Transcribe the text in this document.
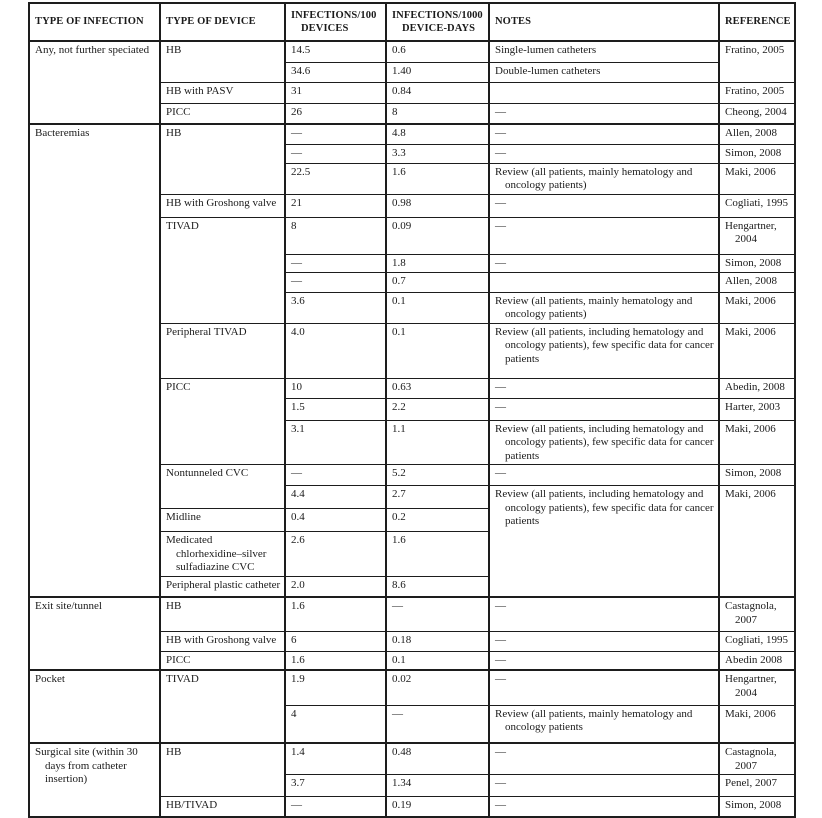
TYPE OF INFECTION	TYPE OF DEVICE	INFECTIONS/100 DEVICES	INFECTIONS/1000 DEVICE-DAYS	NOTES	REFERENCE
Any, not further speciated	HB	14.5	0.6	Single-lumen catheters	Fratino, 2005
		34.6	1.40	Double-lumen catheters	
	HB with PASV	31	0.84		Fratino, 2005
	PICC	26	8	—	Cheong, 2004
Bacteremias	HB	—	4.8	—	Allen, 2008
		—	3.3	—	Simon, 2008
		22.5	1.6	Review (all patients, mainly hematology and oncology patients)	Maki, 2006
	HB with Groshong valve	21	0.98	—	Cogliati, 1995
	TIVAD	8	0.09	—	Hengartner, 2004
		—	1.8	—	Simon, 2008
		—	0.7		Allen, 2008
		3.6	0.1	Review (all patients, mainly hematology and oncology patients)	Maki, 2006
	Peripheral TIVAD	4.0	0.1	Review (all patients, including hematology and oncology patients), few specific data for cancer patients	Maki, 2006
	PICC	10	0.63	—	Abedin, 2008
		1.5	2.2	—	Harter, 2003
		3.1	1.1	Review (all patients, including hematology and oncology patients), few specific data for cancer patients	Maki, 2006
	Nontunneled CVC	—	5.2	—	Simon, 2008
		4.4	2.7	Review (all patients, including hematology and oncology patients), few specific data for cancer patients	Maki, 2006
	Midline	0.4	0.2		
	Medicated chlorhexidine–silver sulfadiazine CVC	2.6	1.6		
	Peripheral plastic catheter	2.0	8.6		
Exit site/tunnel	HB	1.6	—	—	Castagnola, 2007
	HB with Groshong valve	6	0.18	—	Cogliati, 1995
	PICC	1.6	0.1	—	Abedin 2008
Pocket	TIVAD	1.9	0.02	—	Hengartner, 2004
		4	—	Review (all patients, mainly hematology and oncology patients	Maki, 2006
Surgical site (within 30 days from catheter insertion)	HB	1.4	0.48	—	Castagnola, 2007
		3.7	1.34	—	Penel, 2007
	HB/TIVAD	—	0.19	—	Simon, 2008
